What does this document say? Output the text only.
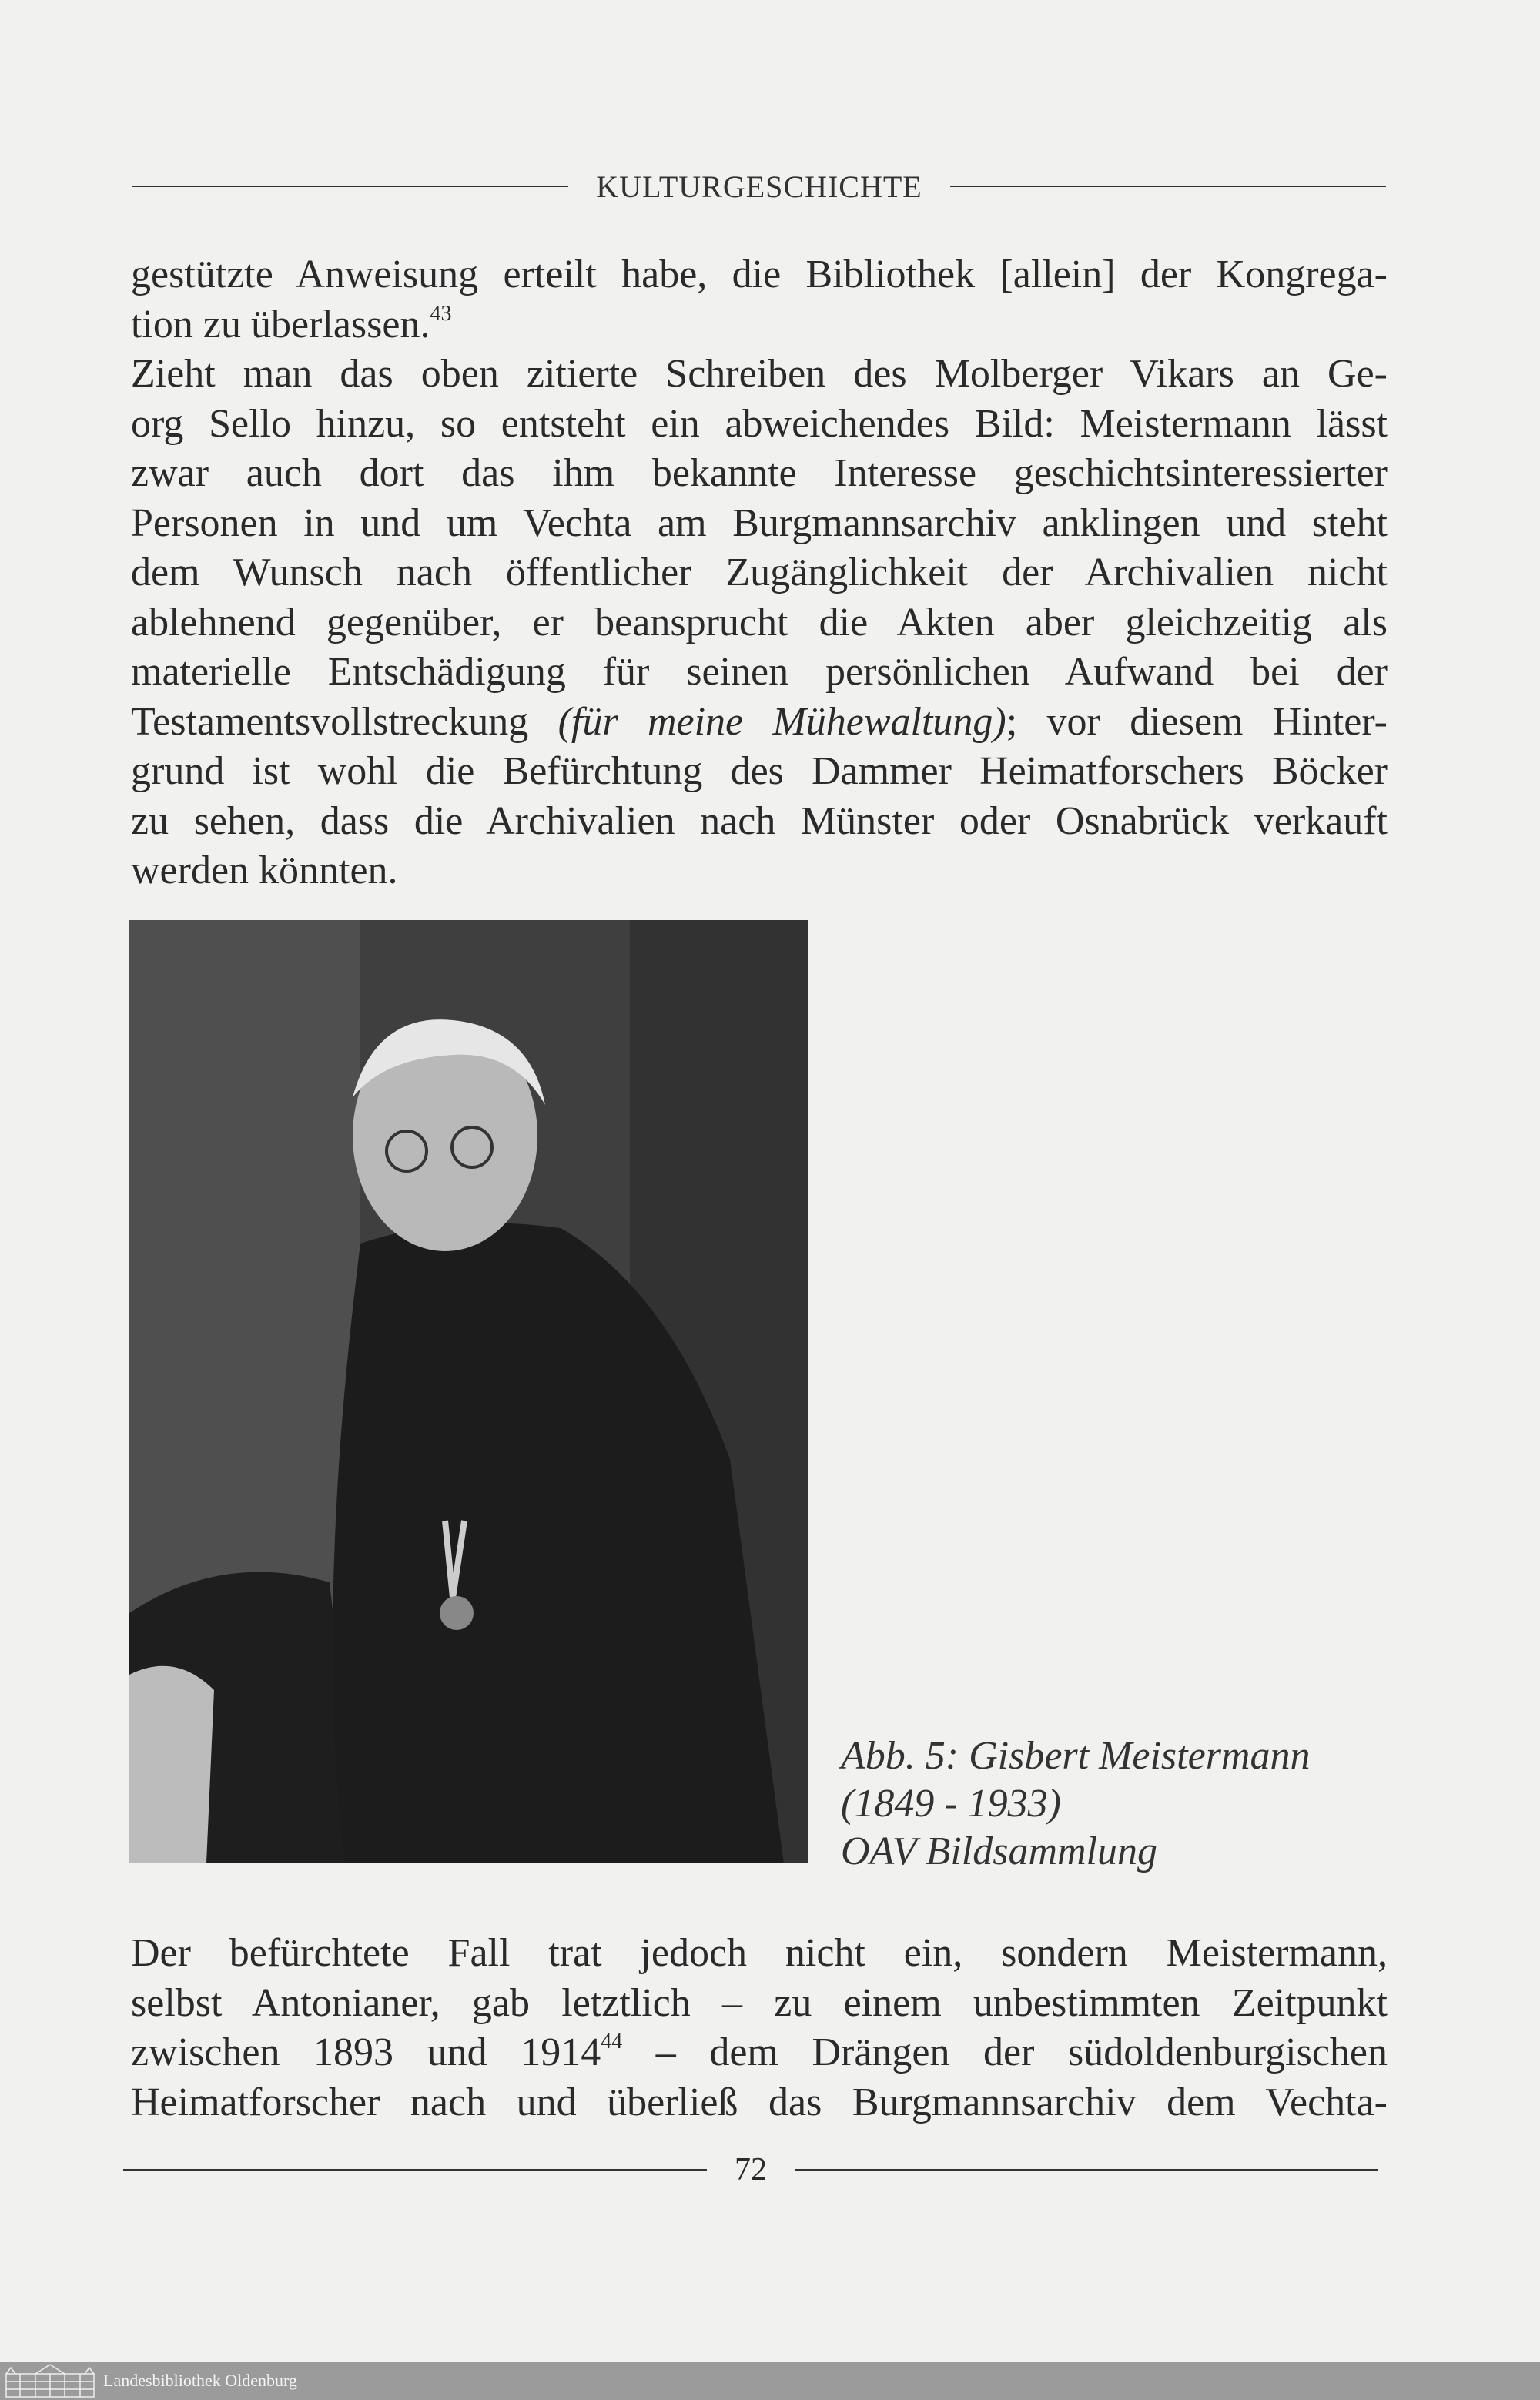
KULTURGESCHICHTE
gestützte Anweisung erteilt habe, die Bibliothek [allein] der Kongrega-
tion zu überlassen.$^{43}$
Zieht man das oben zitierte Schreiben des Molberger Vikars an Ge-
org Sello hinzu, so entsteht ein abweichendes Bild: Meistermann lässt
zwar auch dort das ihm bekannte Interesse geschichtsinteressierter
Personen in und um Vechta am Burgmannsarchiv anklingen und steht
dem Wunsch nach öffentlicher Zugänglichkeit der Archivalien nicht
ablehnend gegenüber, er beansprucht die Akten aber gleichzeitig als
materielle Entschädigung für seinen persönlichen Aufwand bei der
Testamentsvollstreckung (für meine Mühewaltung); vor diesem Hinter-
grund ist wohl die Befürchtung des Dammer Heimatforschers Böcker
zu sehen, dass die Archivalien nach Münster oder Osnabrück verkauft
werden könnten.
Abb. 5: Gisbert Meistermann
(1849 - 1933)
OAV Bildsammlung
Der befürchtete Fall trat jedoch nicht ein, sondern Meistermann,
selbst Antonianer, gab letztlich – zu einem unbestimmten Zeitpunkt
zwischen 1893 und 1914$^{44}$ – dem Drängen der südoldenburgischen
Heimatforscher nach und überließ das Burgmannsarchiv dem Vechta-
72
Landesbibliothek Oldenburg
